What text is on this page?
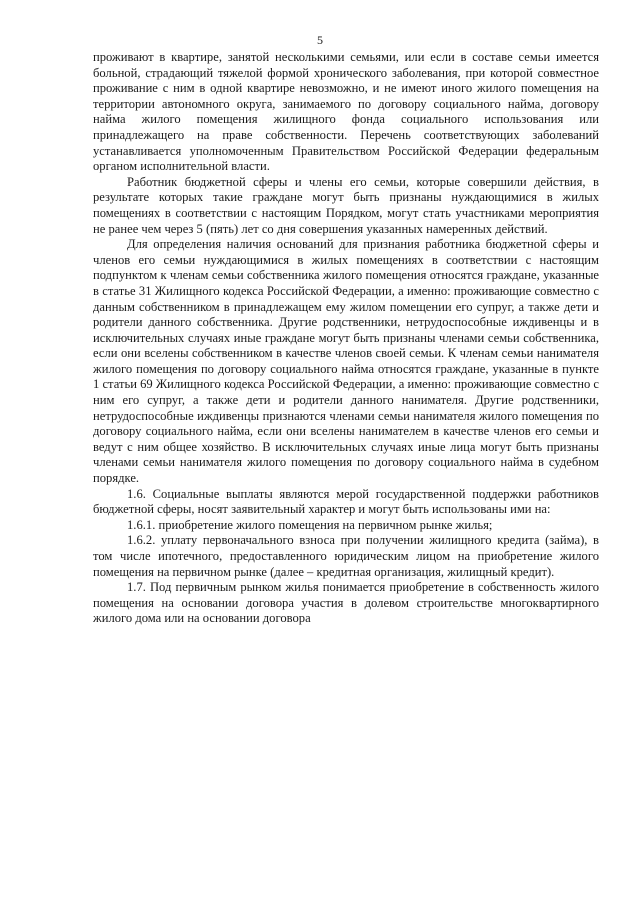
5

проживают в квартире, занятой несколькими семьями, или если в составе семьи имеется больной, страдающий тяжелой формой хронического заболевания, при которой совместное проживание с ним в одной квартире невозможно, и не имеют иного жилого помещения на территории автономного округа, занимаемого по договору социального найма, договору найма жилого помещения жилищного фонда социального использования или принадлежащего на праве собственности. Перечень соответствующих заболеваний устанавливается уполномоченным Правительством Российской Федерации федеральным органом исполнительной власти.

Работник бюджетной сферы и члены его семьи, которые совершили действия, в результате которых такие граждане могут быть признаны нуждающимися в жилых помещениях в соответствии с настоящим Порядком, могут стать участниками мероприятия не ранее чем через 5 (пять) лет со дня совершения указанных намеренных действий.

Для определения наличия оснований для признания работника бюджетной сферы и членов его семьи нуждающимися в жилых помещениях в соответствии с настоящим подпунктом к членам семьи собственника жилого помещения относятся граждане, указанные в статье 31 Жилищного кодекса Российской Федерации, а именно: проживающие совместно с данным собственником в принадлежащем ему жилом помещении его супруг, а также дети и родители данного собственника. Другие родственники, нетрудоспособные иждивенцы и в исключительных случаях иные граждане могут быть признаны членами семьи собственника, если они вселены собственником в качестве членов своей семьи. К членам семьи нанимателя жилого помещения по договору социального найма относятся граждане, указанные в пункте 1 статьи 69 Жилищного кодекса Российской Федерации, а именно: проживающие совместно с ним его супруг, а также дети и родители данного нанимателя. Другие родственники, нетрудоспособные иждивенцы признаются членами семьи нанимателя жилого помещения по договору социального найма, если они вселены нанимателем в качестве членов его семьи и ведут с ним общее хозяйство. В исключительных случаях иные лица могут быть признаны членами семьи нанимателя жилого помещения по договору социального найма в судебном порядке.

1.6. Социальные выплаты являются мерой государственной поддержки работников бюджетной сферы, носят заявительный характер и могут быть использованы ими на:

1.6.1. приобретение жилого помещения на первичном рынке жилья;

1.6.2. уплату первоначального взноса при получении жилищного кредита (займа), в том числе ипотечного, предоставленного юридическим лицом на приобретение жилого помещения на первичном рынке (далее – кредитная организация, жилищный кредит).

1.7. Под первичным рынком жилья понимается приобретение в собственность жилого помещения на основании договора участия в долевом строительстве многоквартирного жилого дома или на основании договора
